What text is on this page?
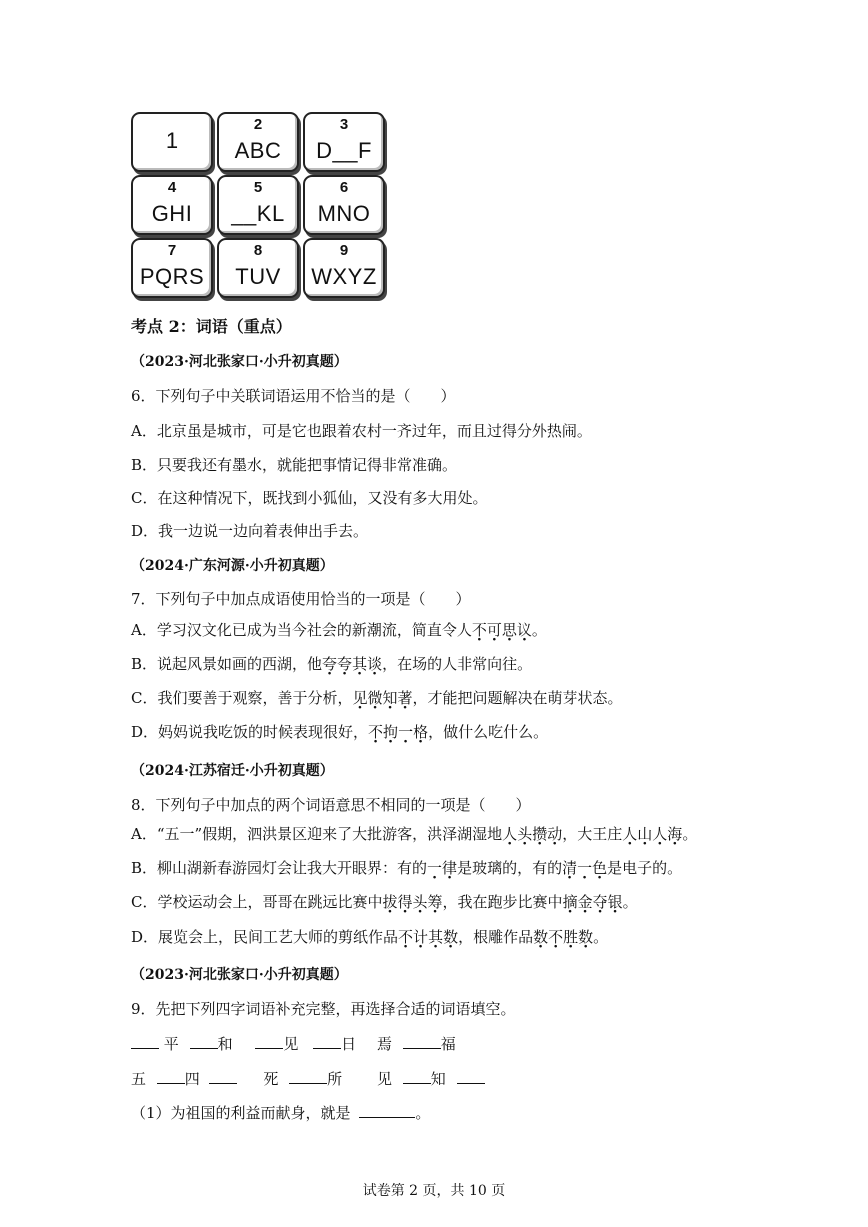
1
2
ABC
3
D__F
4
GHI
5
__KL
6
MNO
7
PQRS
8
TUV
9
WXYZ
考点 2：词语（重点）
（2023·河北张家口·小升初真题）
6．下列句子中关联词语运用不恰当的是（　　）
A．北京虽是城市，可是它也跟着农村一齐过年，而且过得分外热闹。
B．只要我还有墨水，就能把事情记得非常准确。
C．在这种情况下，既找到小狐仙，又没有多大用处。
D．我一边说一边向着表伸出手去。
（2024·广东河源·小升初真题）
7．下列句子中加点成语使用恰当的一项是（　　）
A．学习汉文化已成为当今社会的新潮流，简直令人不可思议。
B．说起风景如画的西湖，他夸夸其谈，在场的人非常向往。
C．我们要善于观察，善于分析，见微知著，才能把问题解决在萌芽状态。
D．妈妈说我吃饭的时候表现很好，不拘一格，做什么吃什么。
（2024·江苏宿迁·小升初真题）
8．下列句子中加点的两个词语意思不相同的一项是（　　）
A．“五一”假期，泗洪景区迎来了大批游客，洪泽湖湿地人头攒动，大王庄人山人海。
B．柳山湖新春游园灯会让我大开眼界：有的一律是玻璃的，有的清一色是电子的。
C．学校运动会上，哥哥在跳远比赛中拔得头筹，我在跑步比赛中摘金夺银。
D．展览会上，民间工艺大师的剪纸作品不计其数，根雕作品数不胜数。
（2023·河北张家口·小升初真题）
9．先把下列四字词语补充完整，再选择合适的词语填空。
平	和	见	日 焉	福
五	四	死	所 见	知
（1）为祖国的利益而献身，就是	。
试卷第 2 页，共 10 页
